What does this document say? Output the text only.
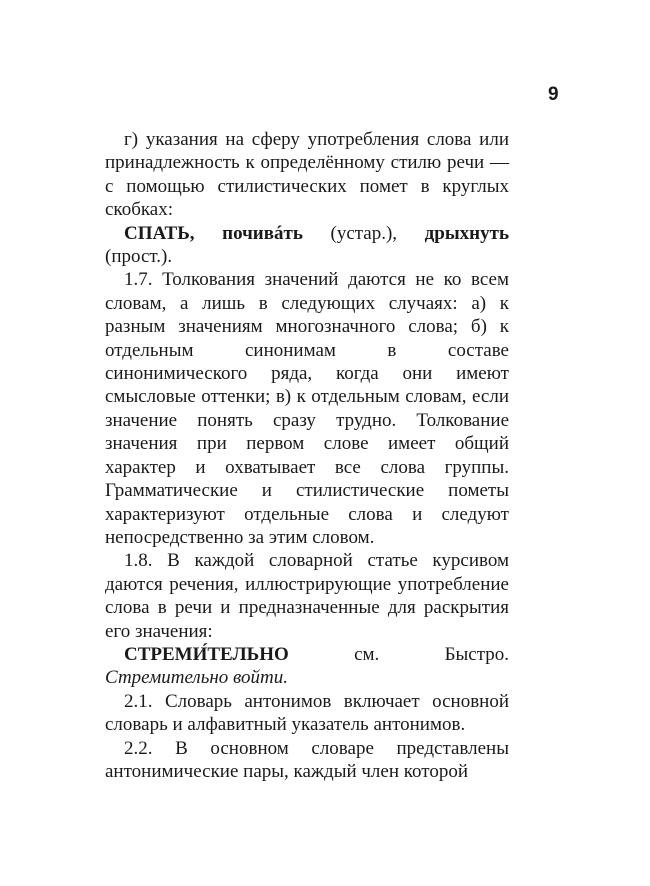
9

г) указания на сферу употребления слова или принадлежность к определённому стилю речи — с помощью стилистических помет в круглых скобках:

СПАТЬ, почивáть (устар.), дрыхнуть (прост.).

1.7. Толкования значений даются не ко всем словам, а лишь в следующих случаях: а) к разным значениям многозначного слова; б) к отдельным синонимам в составе синонимического ряда, когда они имеют смысловые оттенки; в) к отдельным словам, если значение понять сразу трудно. Толкование значения при первом слове имеет общий характер и охватывает все слова группы. Грамматические и стилистические пометы характеризуют отдельные слова и следуют непосредственно за этим словом.

1.8. В каждой словарной статье курсивом даются речения, иллюстрирующие употребление слова в речи и предназначенные для раскрытия его значения:

СТРЕМИ́ТЕЛЬНО	см. Быстро. Стремительно войти.

2.1. Словарь антонимов включает основной словарь и алфавитный указатель антонимов.

2.2. В основном словаре представлены антонимические пары, каждый член которой
